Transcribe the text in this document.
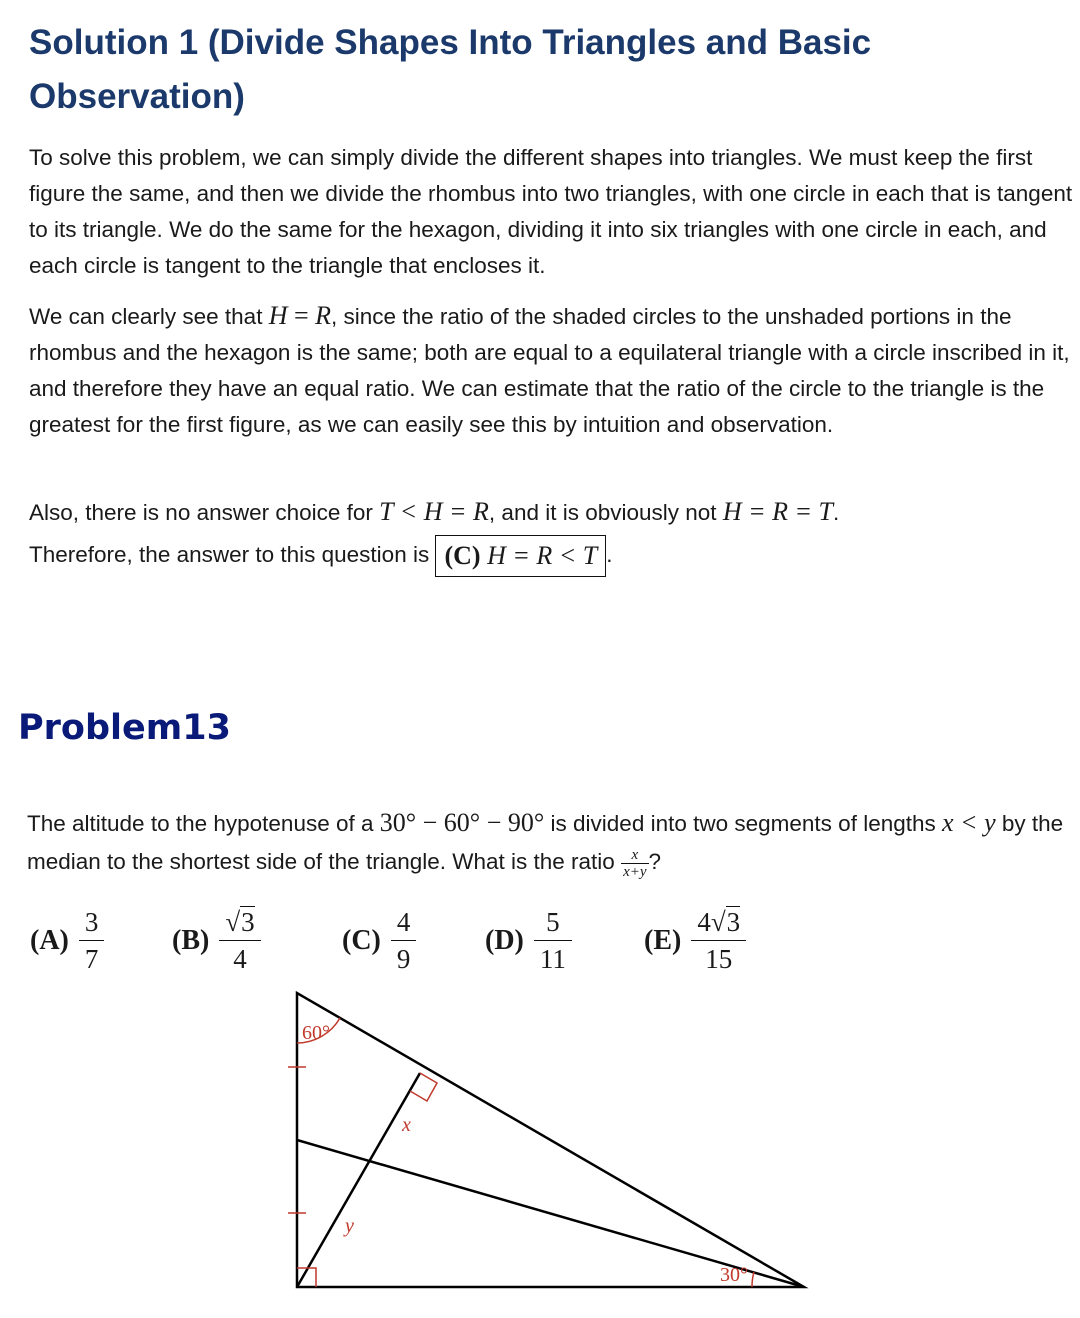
Solution 1 (Divide Shapes Into Triangles and Basic Observation)

To solve this problem, we can simply divide the different shapes into triangles. We must keep the first figure the same, and then we divide the rhombus into two triangles, with one circle in each that is tangent to its triangle. We do the same for the hexagon, dividing it into six triangles with one circle in each, and each circle is tangent to the triangle that encloses it.

We can clearly see that H = R, since the ratio of the shaded circles to the unshaded portions in the rhombus and the hexagon is the same; both are equal to a equilateral triangle with a circle inscribed in it, and therefore they have an equal ratio. We can estimate that the ratio of the circle to the triangle is the greatest for the first figure, as we can easily see this by intuition and observation.

Also, there is no answer choice for T < H = R, and it is obviously not H = R = T.
Therefore, the answer to this question is (C) H = R < T .

Problem13

The altitude to the hypotenuse of a 30° − 60° − 90° is divided into two segments of lengths x < y by the median to the shortest side of the triangle. What is the ratio $\frac{x}{x+y}$ ?

$(A) \frac{3}{7} (B) \frac{√3}{4}$	$(C) \frac{4}{9} (D) \frac{5}{11}$	$(E) \frac{4√3}{15}$
60°
30°
x
y
